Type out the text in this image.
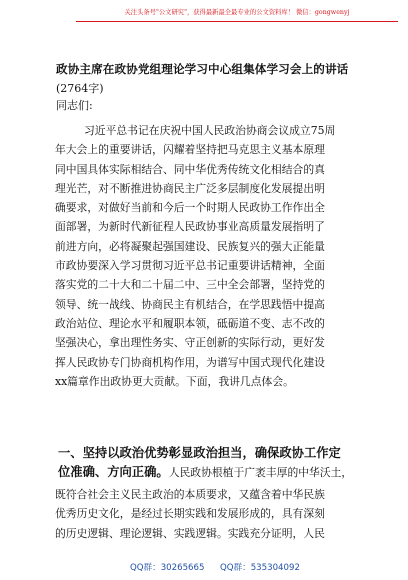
关注头条号"公文研究"，获得最新最全最专业的公文资料库！ 微信：gongwenyj
政协主席在政协党组理论学习中心组集体学习会上的讲话
(2764字)
同志们:
习近平总书记在庆祝中国人民政治协商会议成立75周
年大会上的重要讲话，闪耀着坚持把马克思主义基本原理
同中国具体实际相结合、同中华优秀传统文化相结合的真
理光芒，对不断推进协商民主广泛多层制度化发展提出明
确要求，对做好当前和今后一个时期人民政协工作作出全
面部署，为新时代新征程人民政协事业高质量发展指明了
前进方向，必将凝聚起强国建设、民族复兴的强大正能量
市政协要深入学习贯彻习近平总书记重要讲话精神，全面
落实党的二十大和二十届二中、三中全会部署，坚持党的
领导、统一战线、协商民主有机结合，在学思践悟中提高
政治站位、理论水平和履职本领，砥砺道不变、志不改的
坚强决心，拿出理性务实、守正创新的实际行动，更好发
挥人民政协专门协商机构作用，为谱写中国式现代化建设
xx篇章作出政协更大贡献。下面，我讲几点体会。
一、坚持以政治优势彰显政治担当，确保政协工作定
位准确、方向正确。人民政协根植于广袤丰厚的中华沃土，
既符合社会主义民主政治的本质要求，又蕴含着中华民族
优秀历史文化，是经过长期实践和发展形成的，具有深刻
的历史逻辑、理论逻辑、实践逻辑。实践充分证明，人民
QQ群：30265665 QQ群：535304092
